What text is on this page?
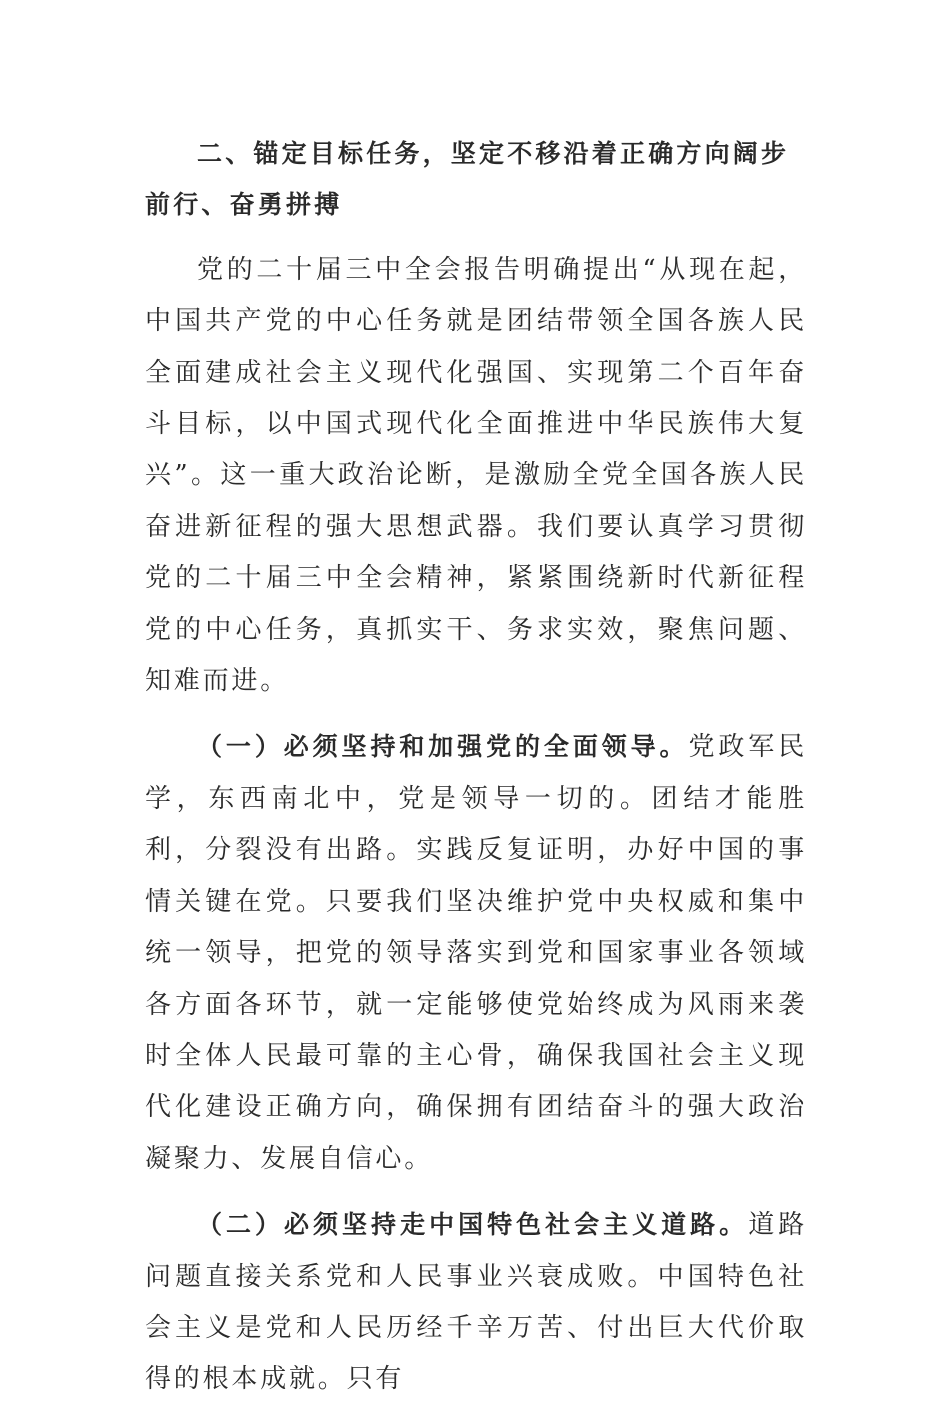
二、锚定目标任务，坚定不移沿着正确方向阔步前行、奋勇拼搏

党的二十届三中全会报告明确提出“从现在起，中国共产党的中心任务就是团结带领全国各族人民全面建成社会主义现代化强国、实现第二个百年奋斗目标，以中国式现代化全面推进中华民族伟大复兴”。这一重大政治论断，是激励全党全国各族人民奋进新征程的强大思想武器。我们要认真学习贯彻党的二十届三中全会精神，紧紧围绕新时代新征程党的中心任务，真抓实干、务求实效，聚焦问题、知难而进。

（一）必须坚持和加强党的全面领导。党政军民学，东西南北中，党是领导一切的。团结才能胜利，分裂没有出路。实践反复证明，办好中国的事情关键在党。只要我们坚决维护党中央权威和集中统一领导，把党的领导落实到党和国家事业各领域各方面各环节，就一定能够使党始终成为风雨来袭时全体人民最可靠的主心骨，确保我国社会主义现代化建设正确方向，确保拥有团结奋斗的强大政治凝聚力、发展自信心。

（二）必须坚持走中国特色社会主义道路。道路问题直接关系党和人民事业兴衰成败。中国特色社会主义是党和人民历经千辛万苦、付出巨大代价取得的根本成就。只有
